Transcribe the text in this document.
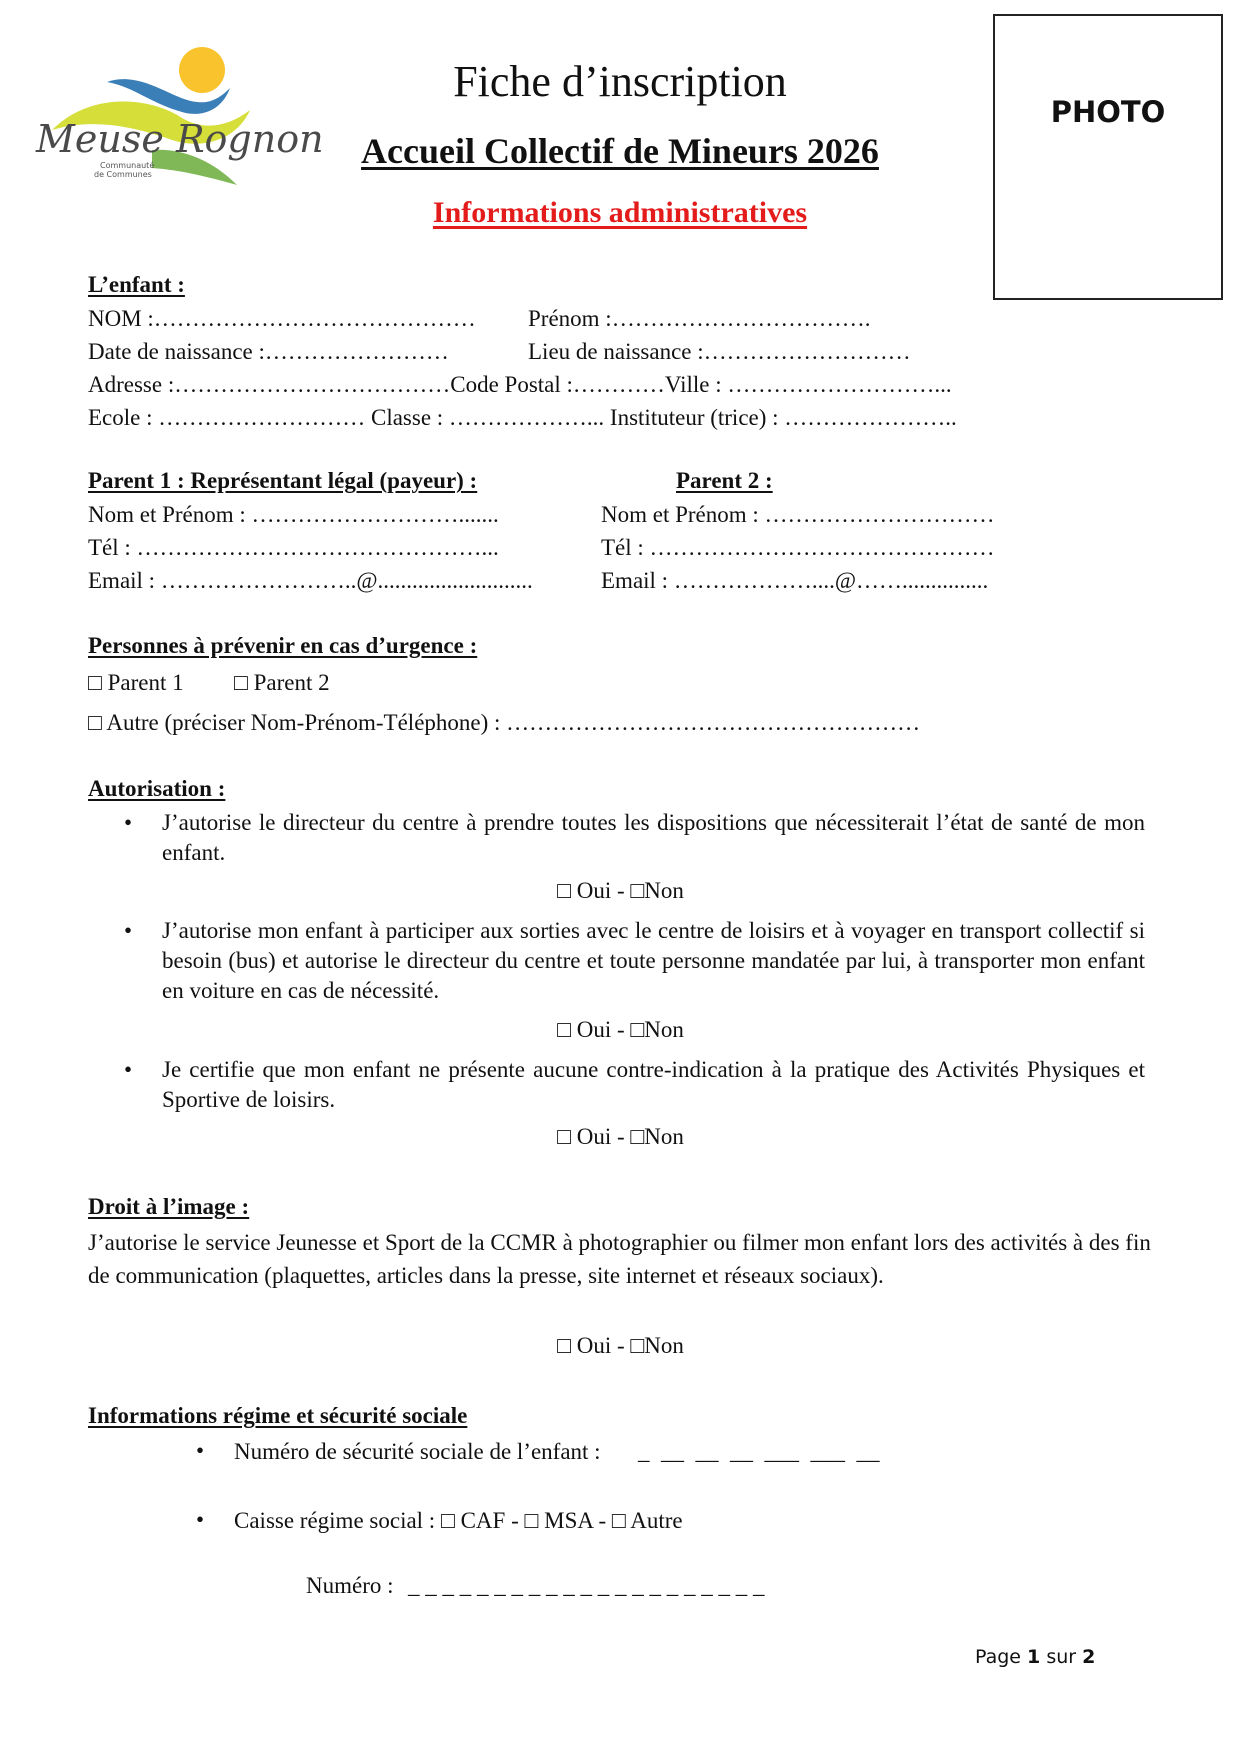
Meuse Rognon
Communauté
de Communes
Fiche d’inscription
Accueil Collectif de Mineurs 2026
Informations administratives
PHOTO
L’enfant :
NOM :…………………………………… Prénom :…………………………….
Date de naissance :……………………	Lieu de naissance :………………………
Adresse :………………………………Code Postal :…………Ville : ………………………...
Ecole : ……………………… Classe : ………………... Instituteur (trice) : …………………..
Parent 1 : Représentant légal (payeur) :
Nom et Prénom : ……………………….......
Tél : ………………………………………...
Email : ……………………..@...........................
Parent 2 :
Nom et Prénom : …………………………
Tél : ………………………………………
Email : ………………....@……...............
Personnes à prévenir en cas d’urgence :
□ Parent 1 □ Parent 2
□ Autre (préciser Nom-Prénom-Téléphone) : ………………………………………………
Autorisation :
• J’autorise le directeur du centre à prendre toutes les dispositions que nécessiterait l’état de santé de mon enfant.
□ Oui - □Non
• J’autorise mon enfant à participer aux sorties avec le centre de loisirs et à voyager en transport collectif si besoin (bus) et autorise le directeur du centre et toute personne mandatée par lui, à transporter mon enfant en voiture en cas de nécessité.
□ Oui - □Non
• Je certifie que mon enfant ne présente aucune contre-indication à la pratique des Activités Physiques et Sportive de loisirs.
□ Oui - □Non
Droit à l’image :
J’autorise le service Jeunesse et Sport de la CCMR à photographier ou filmer mon enfant lors des activités à des fin de communication (plaquettes, articles dans la presse, site internet et réseaux sociaux).
□ Oui - □Non
Informations régime et sécurité sociale
• Numéro de sécurité sociale de l’enfant : _  __  __  __  ___  ___  __
• Caisse régime social : □ CAF - □ MSA - □ Autre
Numéro : _ _ _ _ _ _ _ _ _ _ _ _ _ _ _ _ _ _ _ _ _
Page 1 sur 2
